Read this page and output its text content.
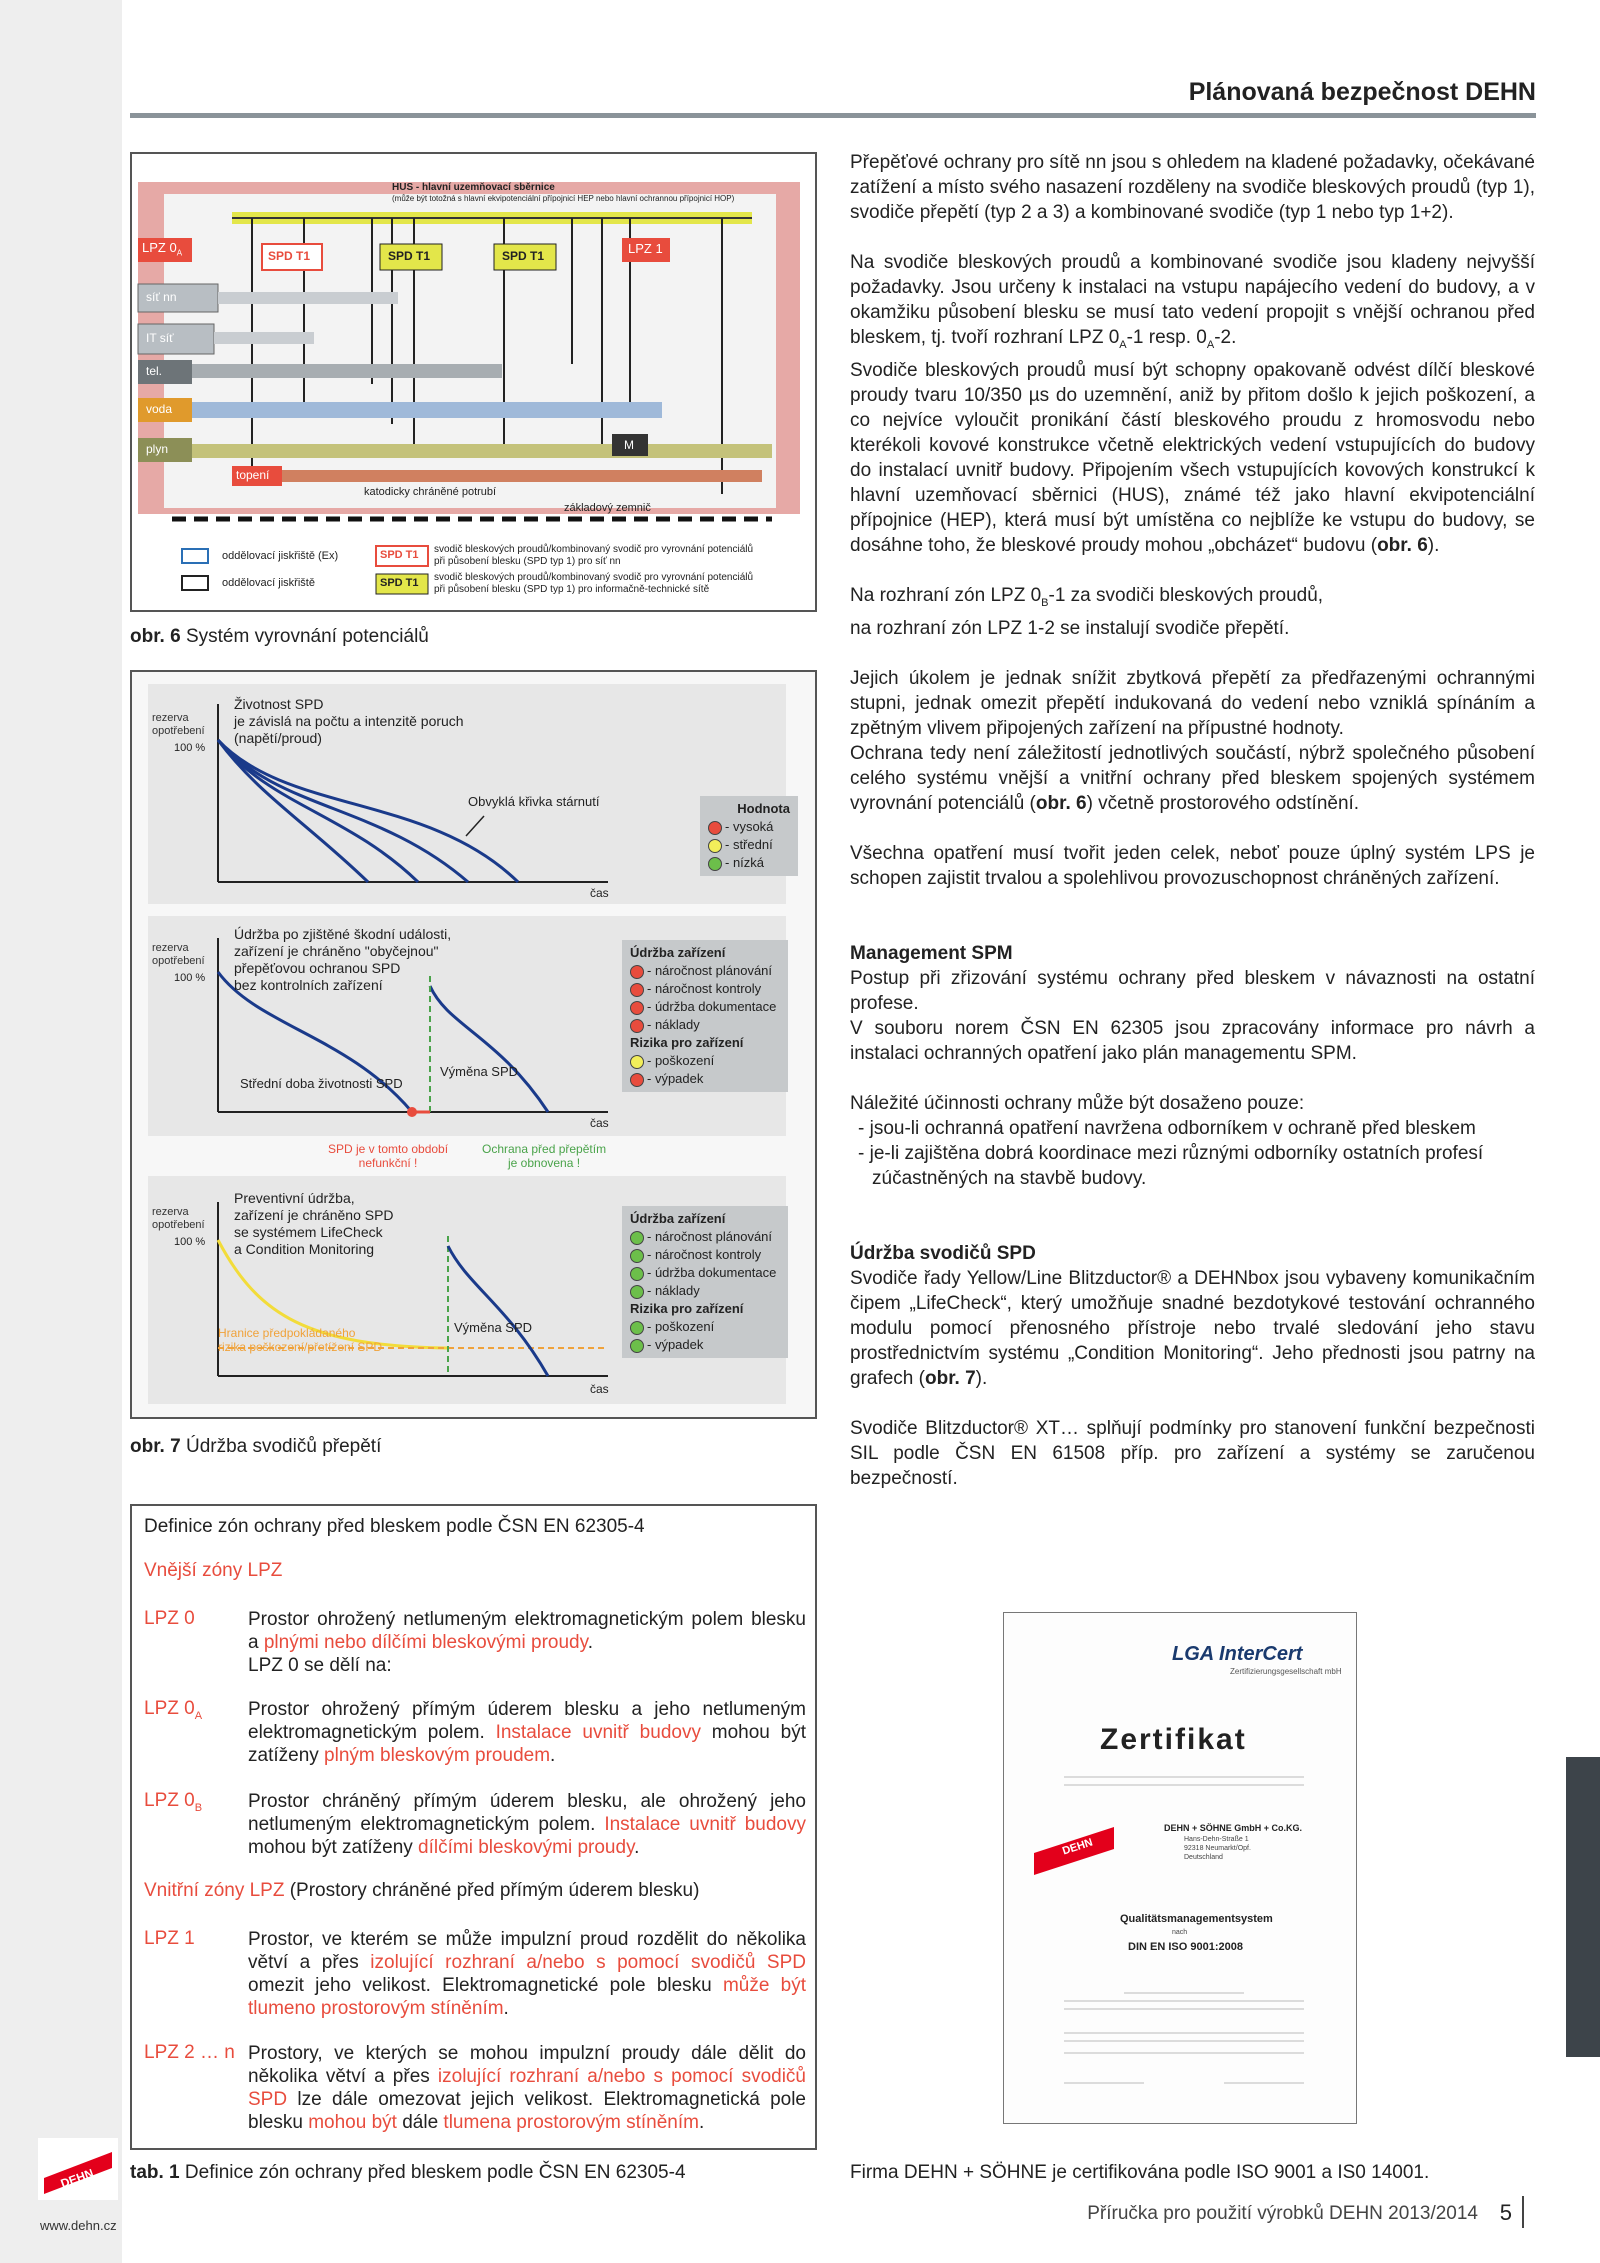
DEHN
www.dehn.cz
Plánovaná bezpečnost DEHN
HUS - hlavní uzemňovací sběrnice
(může být totožná s hlavní ekvipotenciální přípojnicí HEP nebo hlavní ochrannou přípojnicí HOP)
LPZ $0_A$	LPZ 1
SPD T1	SPD T1	SPD T1
síť nn
IT síť
tel.
voda
plyn
topení
M
katodicky chráněné potrubí
základový zemnič
oddělovací jiskřiště (Ex)
oddělovací jiskřiště
SPD T1
SPD T1
svodič bleskových proudů/kombinovaný svodič pro vyrovnání potenciálů
při působení blesku (SPD typ 1) pro síť nn
svodič bleskových proudů/kombinovaný svodič pro vyrovnání potenciálů
při působení blesku (SPD typ 1) pro informačně-technické sítě
obr. 6 Systém vyrovnání potenciálů
rezerva
opotřebení
100 %
Životnost SPD
je závislá na počtu a intenzitě poruch
(napětí/proud)
Obvyklá křivka stárnutí
čas
Hodnota
- vysoká
- střední
- nízká
rezerva
opotřebení
100 %
Údržba po zjištěné škodní události,
zařízení je chráněno "obyčejnou"
přepěťovou ochranou SPD
bez kontrolních zařízení
Střední doba životnosti SPD
Výměna SPD
čas
Údržba zařízení
- náročnost plánování
- náročnost kontroly
- údržba dokumentace
- náklady
Rizika pro zařízení
- poškození
- výpadek
SPD je v tomto období
nefunkční !
Ochrana před přepětím
je obnovena !
rezerva
opotřebení
100 %
Preventivní údržba,
zařízení je chráněno SPD
se systémem LifeCheck
a Condition Monitoring
Hranice předpokládaného
rizika poškození/přetížení SPD
Výměna SPD
čas
Údržba zařízení
- náročnost plánování
- náročnost kontroly
- údržba dokumentace
- náklady
Rizika pro zařízení
- poškození
- výpadek
obr. 7 Údržba svodičů přepětí
Definice zón ochrany před bleskem podle ČSN EN 62305-4
Vnější zóny LPZ
LPZ 0	Prostor ohrožený netlumeným elektromagnetickým polem blesku a plnými nebo dílčími bleskovými proudy.
LPZ 0 se dělí na:
LPZ $0_A$ Prostor ohrožený přímým úderem blesku a jeho netlumeným elektromagnetickým polem. Instalace uvnitř budovy mohou být zatíženy plným bleskovým proudem.
LPZ $0_B$ Prostor chráněný přímým úderem blesku, ale ohrožený jeho netlumeným elektromagnetickým polem. Instalace uvnitř budovy mohou být zatíženy dílčími bleskovými proudy.
Vnitřní zóny LPZ (Prostory chráněné před přímým úderem blesku)
LPZ 1	Prostor, ve kterém se může impulzní proud rozdělit do několika větví a přes izolující rozhraní a/nebo s pomocí svodičů SPD omezit jeho velikost. Elektromagnetické pole blesku může být tlumeno prostorovým stíněním.
LPZ 2 … n Prostory, ve kterých se mohou impulzní proudy dále dělit do několika větví a přes izolující rozhraní a/nebo s pomocí svodičů SPD lze dále omezovat jejich velikost. Elektromagnetická pole blesku mohou být dále tlumena prostorovým stíněním.
tab. 1 Definice zón ochrany před bleskem podle ČSN EN 62305-4

Přepěťové ochrany pro sítě nn jsou s ohledem na kladené požadavky, očekávané zatížení a místo svého nasazení rozděleny na svodiče bleskových proudů (typ 1), svodiče přepětí (typ 2 a 3) a kombinované svodiče (typ 1 nebo typ 1+2).

Na svodiče bleskových proudů a kombinované svodiče jsou kladeny nejvyšší požadavky. Jsou určeny k instalaci na vstupu napájecího vedení do budovy, a v okamžiku působení blesku se musí tato vedení propojit s vnější ochranou před bleskem, tj. tvoří rozhraní LPZ $0_A-1$ resp. $0_A-2$.

Svodiče bleskových proudů musí být schopny opakovaně odvést dílčí bleskové proudy tvaru 10/350 µs do uzemnění, aniž by přitom došlo k jejich poškození, a co nejvíce vyloučit pronikání částí bleskového proudu z hromosvodu nebo kterékoli kovové konstrukce včetně elektrických vedení vstupujících do budovy do instalací uvnitř budovy. Připojením všech vstupujících kovových konstrukcí k hlavní uzemňovací sběrnici (HUS), známé též jako hlavní ekvipotenciální přípojnice (HEP), která musí být umístěna co nejblíže ke vstupu do budovy, se dosáhne toho, že bleskové proudy mohou „obcházet“ budovu (obr. 6).

Na rozhraní zón LPZ $0_B-1$ za svodiči bleskových proudů,
na rozhraní zón LPZ 1-2 se instalují svodiče přepětí.

Jejich úkolem je jednak snížit zbytková přepětí za předřazenými ochrannými stupni, jednak omezit přepětí indukovaná do vedení nebo vzniklá spínáním a zpětným vlivem připojených zařízení na přípustné hodnoty.

Ochrana tedy není záležitostí jednotlivých součástí, nýbrž společného působení celého systému vnější a vnitřní ochrany před bleskem spojených systémem vyrovnání potenciálů (obr. 6) včetně prostorového odstínění.

Všechna opatření musí tvořit jeden celek, neboť pouze úplný systém LPS je schopen zajistit trvalou a spolehlivou provozuschopnost chráněných zařízení.

Management SPM

Postup při zřizování systému ochrany před bleskem v návaznosti na ostatní profese.

V souboru norem ČSN EN 62305 jsou zpracovány informace pro návrh a instalaci ochranných opatření jako plán managementu SPM.

Náležité účinnosti ochrany může být dosaženo pouze:

- jsou-li ochranná opatření navržena odborníkem v ochraně před bleskem
- je-li zajištěna dobrá koordinace mezi různými odborníky ostatních profesí zúčastněných na stavbě budovy.
Údržba svodičů SPD

Svodiče řady Yellow/Line Blitzductor® a DEHNbox jsou vybaveny komunikačním čipem „LifeCheck“, který umožňuje snadné bezdotykové testování ochranného modulu pomocí přenosného přístroje nebo trvalé sledování jeho stavu prostřednictvím systému „Condition Monitoring“. Jeho přednosti jsou patrny na grafech (obr. 7).

Svodiče Blitzductor® XT… splňují podmínky pro stanovení funkční bezpečnosti SIL podle ČSN EN 61508 příp. pro zařízení a systémy se zaručenou bezpečností.

LGA InterCert
Zertifizierungsgesellschaft mbH
Zertifikat
DEHN
DEHN + SÖHNE GmbH + Co.KG.
Hans-Dehn-Straße 1
92318 Neumarkt/Opf.
Deutschland
Qualitätsmanagementsystem
nach
DIN EN ISO 9001:2008
Firma DEHN + SÖHNE je certifikována podle ISO 9001 a IS0 14001.
Příručka pro použití výrobků DEHN 2013/2014 5
